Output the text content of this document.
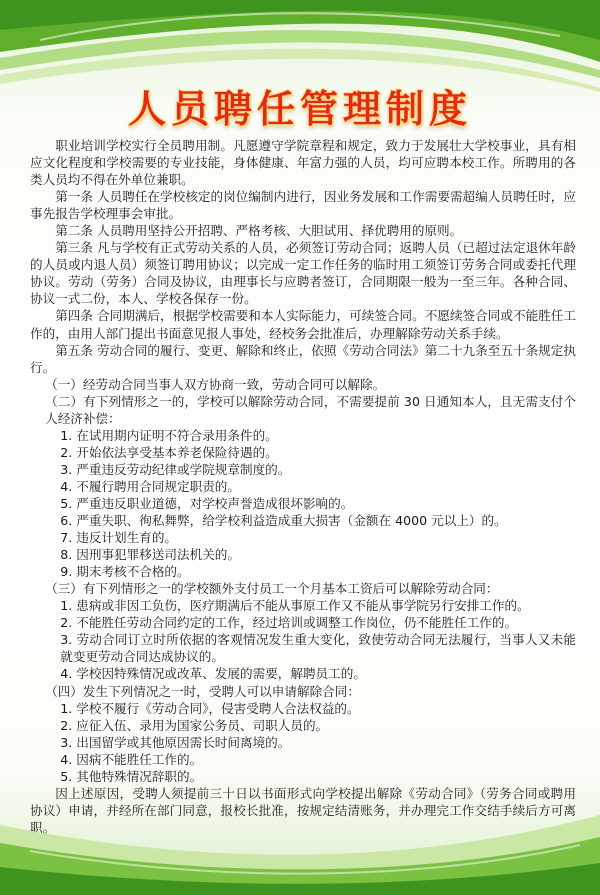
人员聘任管理制度

职业培训学校实行全员聘用制。凡愿遵守学院章程和规定，致力于发展壮大学校事业，具有相应文化程度和学校需要的专业技能，身体健康、年富力强的人员，均可应聘本校工作。所聘用的各类人员均不得在外单位兼职。

第一条 人员聘任在学校核定的岗位编制内进行，因业务发展和工作需要需超编人员聘任时，应事先报告学校理事会审批。

第二条 人员聘用坚持公开招聘、严格考核、大胆试用、择优聘用的原则。

第三条 凡与学校有正式劳动关系的人员，必须签订劳动合同；返聘人员（已超过法定退休年龄的人员或内退人员）须签订聘用协议；以完成一定工作任务的临时用工须签订劳务合同或委托代理协议。劳动（劳务）合同及协议，由理事长与应聘者签订，合同期限一般为一至三年。各种合同、协议一式二份，本人、学校各保存一份。

第四条 合同期满后，根据学校需要和本人实际能力，可续签合同。不愿续签合同或不能胜任工作的，由用人部门提出书面意见报人事处，经校务会批准后，办理解除劳动关系手续。

第五条 劳动合同的履行、变更、解除和终止，依照《劳动合同法》第二十九条至五十条规定执行。

（一）经劳动合同当事人双方协商一致，劳动合同可以解除。

（二）有下列情形之一的，学校可以解除劳动合同，不需要提前 30 日通知本人，且无需支付个人经济补偿：

1. 在试用期内证明不符合录用条件的。

2. 开始依法享受基本养老保险待遇的。

3. 严重违反劳动纪律或学院规章制度的。

4. 不履行聘用合同规定职责的。

5. 严重违反职业道德，对学校声誉造成很坏影响的。

6. 严重失职、徇私舞弊，给学校利益造成重大损害（金额在 4000 元以上）的。

7. 违反计划生育的。

8. 因刑事犯罪移送司法机关的。

9. 期末考核不合格的。

（三）有下列情形之一的学校额外支付员工一个月基本工资后可以解除劳动合同：

1. 患病或非因工负伤，医疗期满后不能从事原工作又不能从事学院另行安排工作的。

2. 不能胜任劳动合同约定的工作，经过培训或调整工作岗位，仍不能胜任工作的。

3. 劳动合同订立时所依据的客观情况发生重大变化，致使劳动合同无法履行，当事人又未能就变更劳动合同达成协议的。

4. 学校因特殊情况或改革、发展的需要，解聘员工的。

（四）发生下列情况之一时，受聘人可以申请解除合同：

1. 学校不履行《劳动合同》，侵害受聘人合法权益的。

2. 应征入伍、录用为国家公务员、司职人员的。

3. 出国留学或其他原因需长时间离境的。

4. 因病不能胜任工作的。

5. 其他特殊情况辞职的。

因上述原因，受聘人须提前三十日以书面形式向学校提出解除《劳动合同》（劳务合同或聘用协议）申请，并经所在部门同意，报校长批准，按规定结清账务，并办理完工作交结手续后方可离职。
